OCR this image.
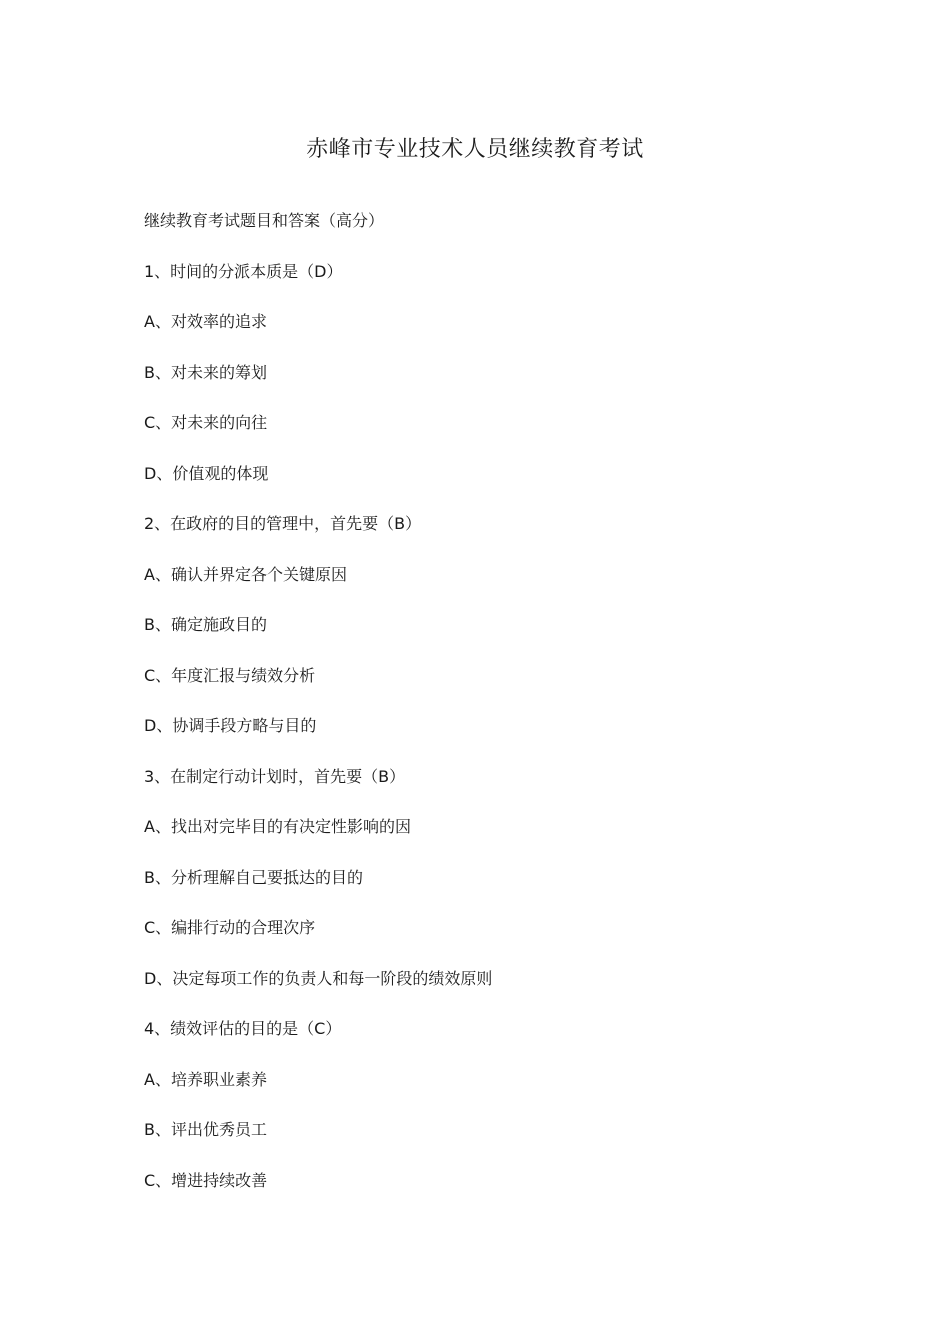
赤峰市专业技术人员继续教育考试
继续教育考试题目和答案（高分）
1、时间的分派本质是（D）
A、对效率的追求
B、对未来的筹划
C、对未来的向往
D、价值观的体现
2、在政府的目的管理中，首先要（B）
A、确认并界定各个关键原因
B、确定施政目的
C、年度汇报与绩效分析
D、协调手段方略与目的
3、在制定行动计划时，首先要（B）
A、找出对完毕目的有决定性影响的因
B、分析理解自己要抵达的目的
C、编排行动的合理次序
D、决定每项工作的负责人和每一阶段的绩效原则
4、绩效评估的目的是（C）
A、培养职业素养
B、评出优秀员工
C、增进持续改善
